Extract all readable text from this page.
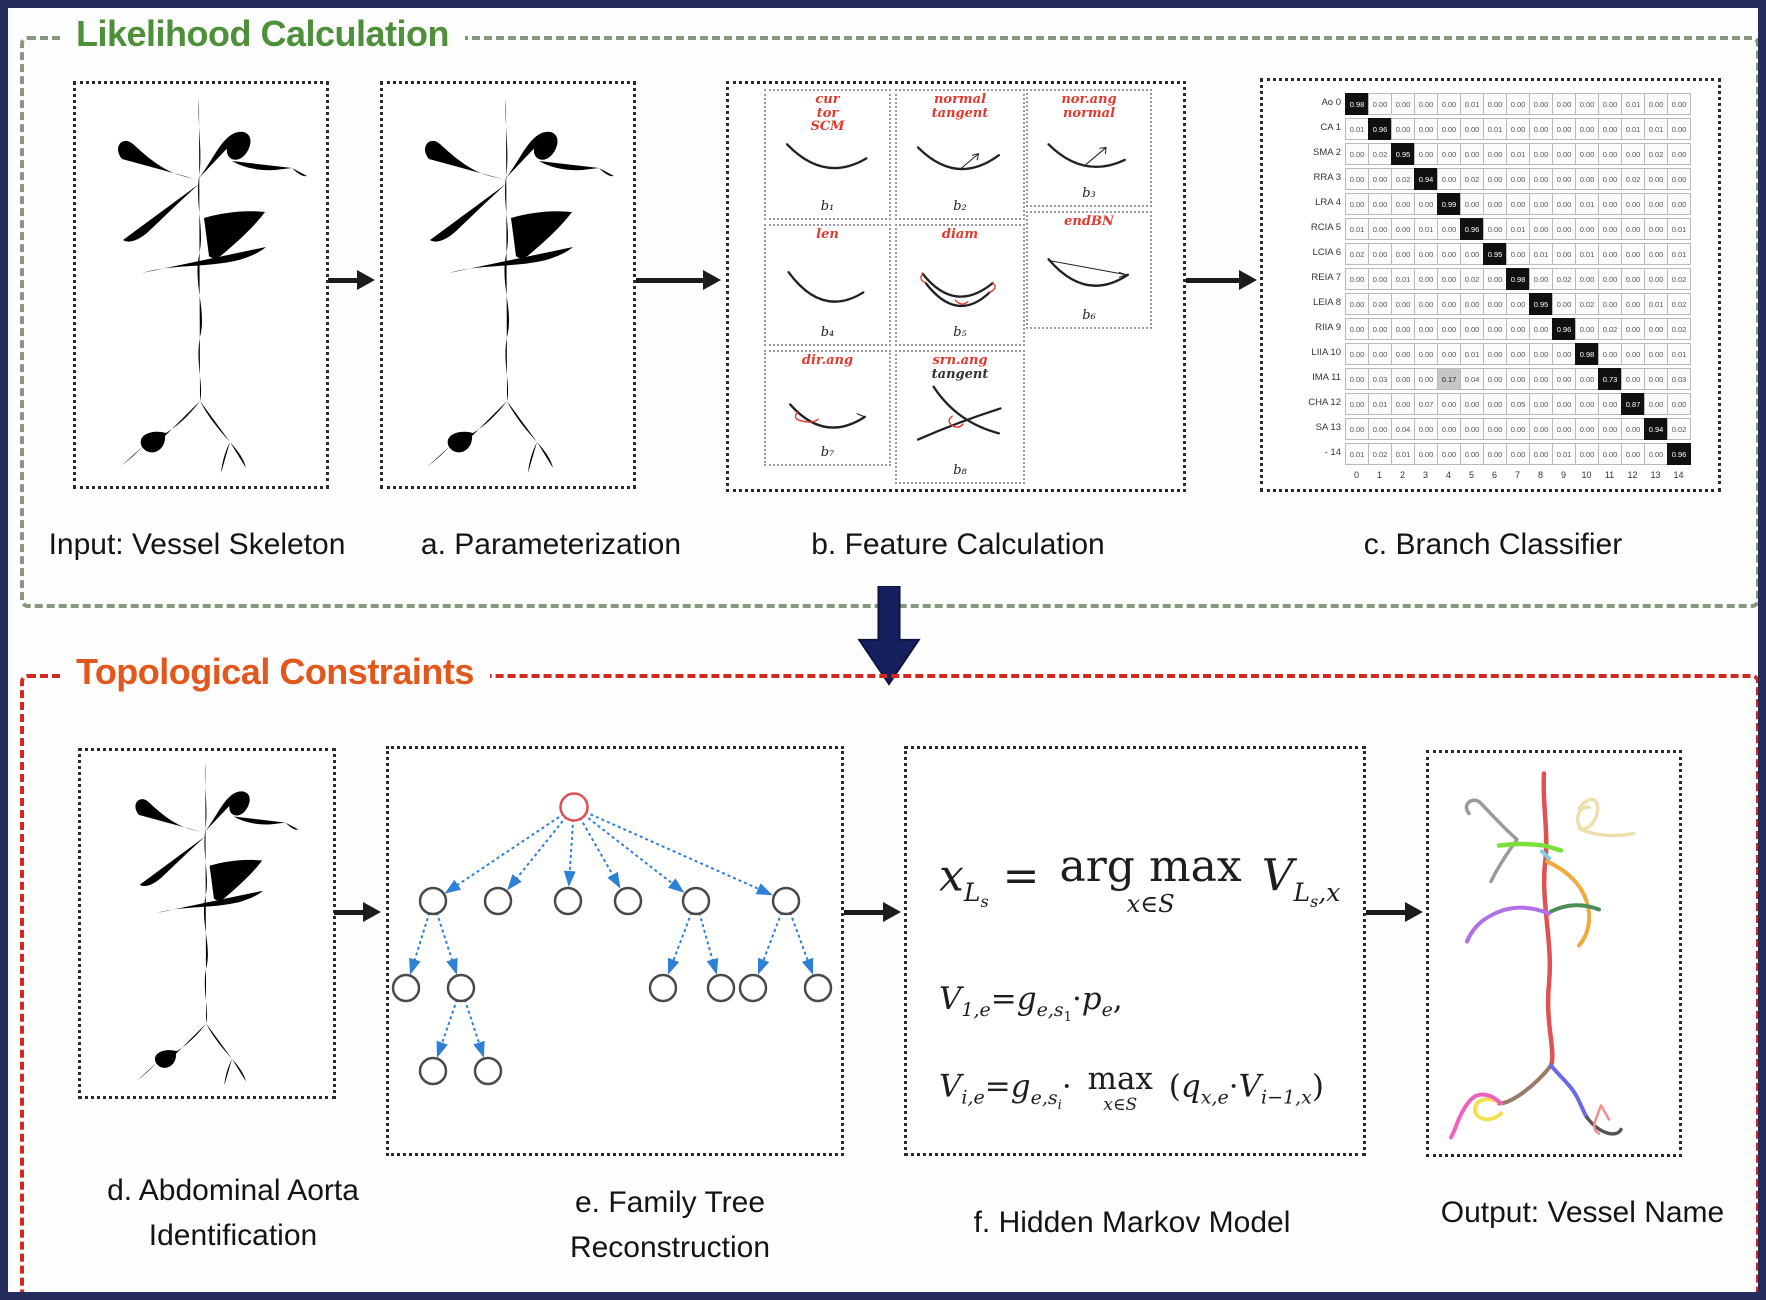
Likelihood Calculation
cur
tor
SCM
b₁
normal
tangent
b₂
nor.ang
normal
b₃
len
b₄
diam
b₅
endBN
b₆
dir.ang
b₇
srn.ang
tangent
b₈
Ao 0	0.98	0.00	0.00	0.00	0.00	0.01	0.00	0.00	0.00	0.00	0.00	0.00	0.01	0.00	0.00
CA 1	0.01	0.96	0.00	0.00	0.00	0.00	0.01	0.00	0.00	0.00	0.00	0.00	0.01	0.01	0.00
SMA 2	0.00	0.02	0.95	0.00	0.00	0.00	0.00	0.01	0.00	0.00	0.00	0.00	0.00	0.02	0.00
RRA 3	0.00	0.00	0.02	0.94	0.00	0.02	0.00	0.00	0.00	0.00	0.00	0.00	0.02	0.00	0.00
LRA 4	0.00	0.00	0.00	0.00	0.99	0.00	0.00	0.00	0.00	0.00	0.01	0.00	0.00	0.00	0.00
RCIA 5	0.01	0.00	0.00	0.01	0.00	0.96	0.00	0.01	0.00	0.00	0.00	0.00	0.00	0.00	0.01
LCIA 6	0.02	0.00	0.00	0.00	0.00	0.00	0.95	0.00	0.01	0.00	0.01	0.00	0.00	0.00	0.01
REIA 7	0.00	0.00	0.01	0.00	0.00	0.02	0.00	0.98	0.00	0.02	0.00	0.00	0.00	0.00	0.02
LEIA 8	0.00	0.00	0.00	0.00	0.00	0.00	0.00	0.00	0.95	0.00	0.02	0.00	0.00	0.01	0.02
RIIA 9	0.00	0.00	0.00	0.00	0.00	0.00	0.00	0.00	0.00	0.96	0.00	0.02	0.00	0.00	0.02
LIIA 10	0.00	0.00	0.00	0.00	0.00	0.01	0.00	0.00	0.00	0.00	0.98	0.00	0.00	0.00	0.01
IMA 11	0.00	0.03	0.00	0.00	0.17	0.04	0.00	0.00	0.00	0.00	0.00	0.73	0.00	0.00	0.03
CHA 12	0.00	0.01	0.00	0.07	0.00	0.00	0.00	0.05	0.00	0.00	0.00	0.00	0.87	0.00	0.00
SA 13	0.00	0.00	0.04	0.00	0.00	0.00	0.00	0.00	0.00	0.00	0.00	0.00	0.00	0.94	0.02
- 14	0.01	0.02	0.01	0.00	0.00	0.00	0.00	0.00	0.00	0.01	0.00	0.00	0.00	0.00	0.96
0	1	2	3	4	5	6	7	8	9	10	11	12	13	14
Input: Vessel Skeleton	a. Parameterization	b. Feature Calculation	c. Branch Classifier
Topological Constraints
$x_{L_s}$ = arg max
x∈S
$V_{L_s,x}$
$V_{1,e}=g_{e,s_1}\cdot p_e$,
$V_{i,e}=g_{e,s_i}\cdot \max$
x∈S
$(q_{x,e}\cdot V_{i-1,x})$
d. Abdominal Aorta
Identification
e. Family Tree
Reconstruction
f. Hidden Markov Model	Output: Vessel Name
